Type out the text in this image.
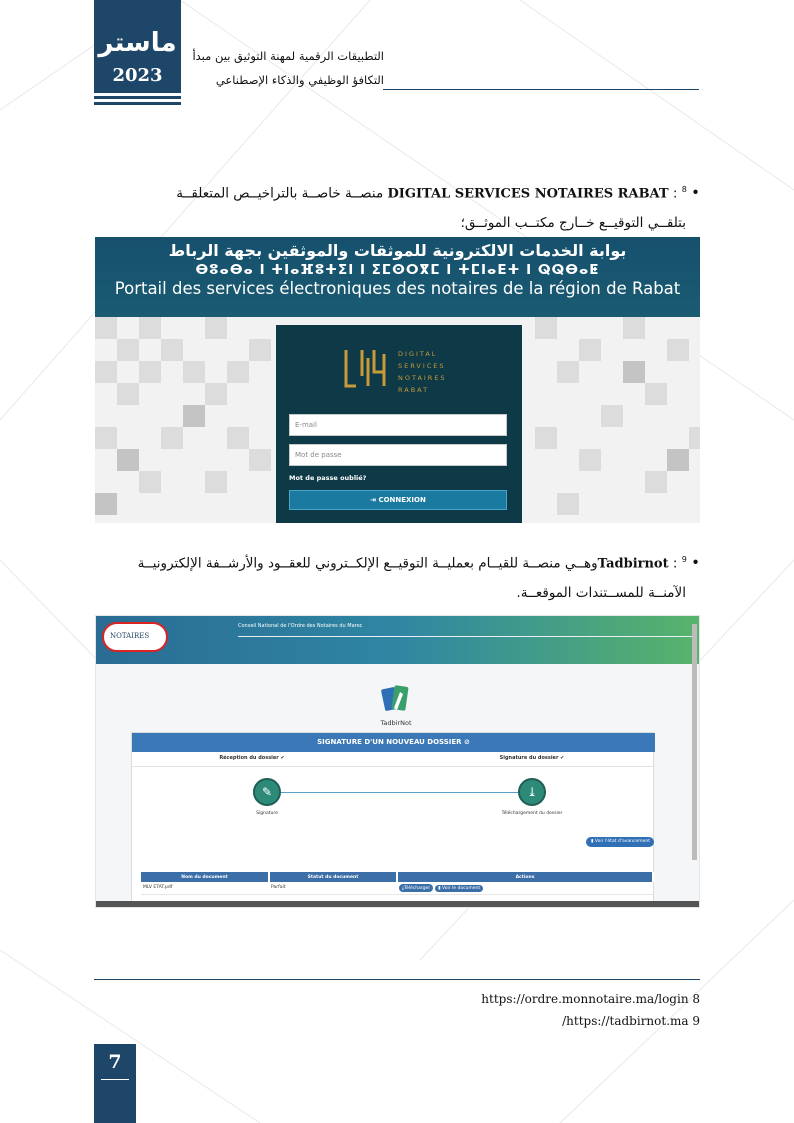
ماستر
2023
التطبيقات الرقمية لمهنة التوثيق بين مبدأ
التكافؤ الوظيفي والذكاء الإصطناعي
• DIGITAL SERVICES NOTAIRES RABAT : $^8$ منصــة خاصــة بالتراخيــص المتعلقــة
بتلقــي التوقيــع خــارج مكتــب الموثــق؛
بوابة الخدمات الالكترونية للموثقات والموثقين بجهة الرباط
ⴱⵓⴰⴱⴰ ⵏ ⵜⵏⴰⴼⵓⵜⵉⵏ ⵏ ⵉⵎⵙⵔⴳⵎ ⵏ ⵜⵎⵏⴰⴹⵜ ⵏ ⵕⵕⴱⴰⵟ
Portail des services électroniques des notaires de la région de Rabat
DIGITAL
SERVICES
NOTAIRES
RABAT
E-mail
Mot de passe
Mot de passe oublié?
⇥ CONNEXION
• Tadbirnot : $^9$وهــي منصــة للقيــام بعمليــة التوقيــع الإلكــتروني للعقــود والأرشــفة الإلكترونيــة
الآمنــة للمســتندات الموقعــة.
NOTAIRES
Conseil National de l'Ordre des Notaires du Maroc
TadbirNot
SIGNATURE D'UN NOUVEAU DOSSIER ⊘
Réception du dossier ✔	Signature du dossier ✔
✎	⤓
Signature	Téléchargement du dossier
▮ Voir l'état d'avancement
Nom du document	Statut du document	Actions
MLV ETAT.pdf	Parfait	⤓Télécharger ▮ Voir le document
https://ordre.monnotaire.ma/login 8
/https://tadbirnot.ma 9
7
